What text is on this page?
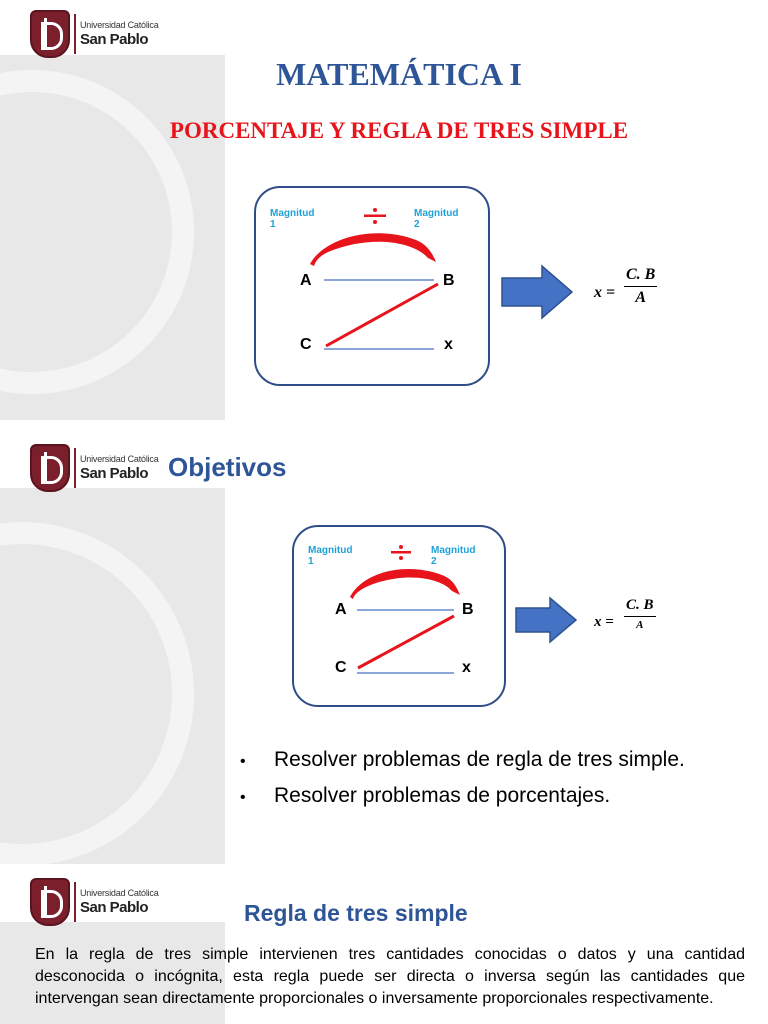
Universidad Católica
San Pablo
MATEMÁTICA I
PORCENTAJE Y REGLA DE TRES SIMPLE
Magnitud 1
Magnitud 2
A	B
C	x
x =
C. B
A
Universidad Católica
San Pablo Objetivos
Magnitud 1
Magnitud 2
A	B
C	x
x =
C. B
A
•	Resolver problemas de regla de tres simple.
•	Resolver problemas de porcentajes.
Universidad Católica
San Pablo	Regla de tres simple

En la regla de tres simple intervienen tres cantidades conocidas o datos y una cantidad desconocida o incógnita, esta regla puede ser directa o inversa según las cantidades que intervengan sean directamente proporcionales o inversamente proporcionales respectivamente.
